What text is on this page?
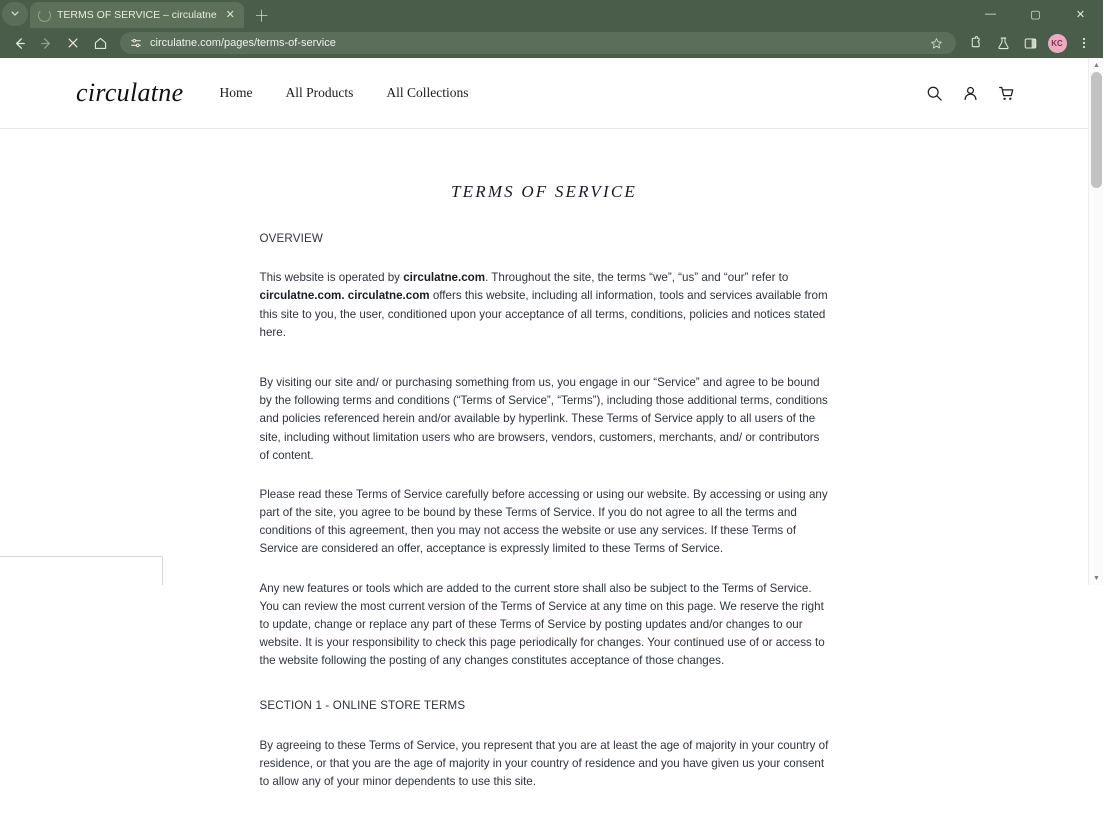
TERMS OF SERVICE – circulatne ✕ ＋	—	▢	✕
circulatne.com/pages/terms-of-service	KC
circulatne	Home All Products All Collections
TERMS OF SERVICE
OVERVIEW

This website is operated by circulatne.com. Throughout the site, the terms “we”, “us” and “our” refer to circulatne.com. circulatne.com offers this website, including all information, tools and services available from this site to you, the user, conditioned upon your acceptance of all terms, conditions, policies and notices stated here.

By visiting our site and/ or purchasing something from us, you engage in our “Service” and agree to be bound by the following terms and conditions (“Terms of Service”, “Terms”), including those additional terms, conditions and policies referenced herein and/or available by hyperlink. These Terms of Service apply to all users of the site, including without limitation users who are browsers, vendors, customers, merchants, and/ or contributors of content.

Please read these Terms of Service carefully before accessing or using our website. By accessing or using any part of the site, you agree to be bound by these Terms of Service. If you do not agree to all the terms and conditions of this agreement, then you may not access the website or use any services. If these Terms of Service are considered an offer, acceptance is expressly limited to these Terms of Service.

Any new features or tools which are added to the current store shall also be subject to the Terms of Service. You can review the most current version of the Terms of Service at any time on this page. We reserve the right to update, change or replace any part of these Terms of Service by posting updates and/or changes to our website. It is your responsibility to check this page periodically for changes. Your continued use of or access to the website following the posting of any changes constitutes acceptance of those changes.

SECTION 1 - ONLINE STORE TERMS

By agreeing to these Terms of Service, you represent that you are at least the age of majority in your country of residence, or that you are the age of majority in your country of residence and you have given us your consent to allow any of your minor dependents to use this site.

▲
▼
